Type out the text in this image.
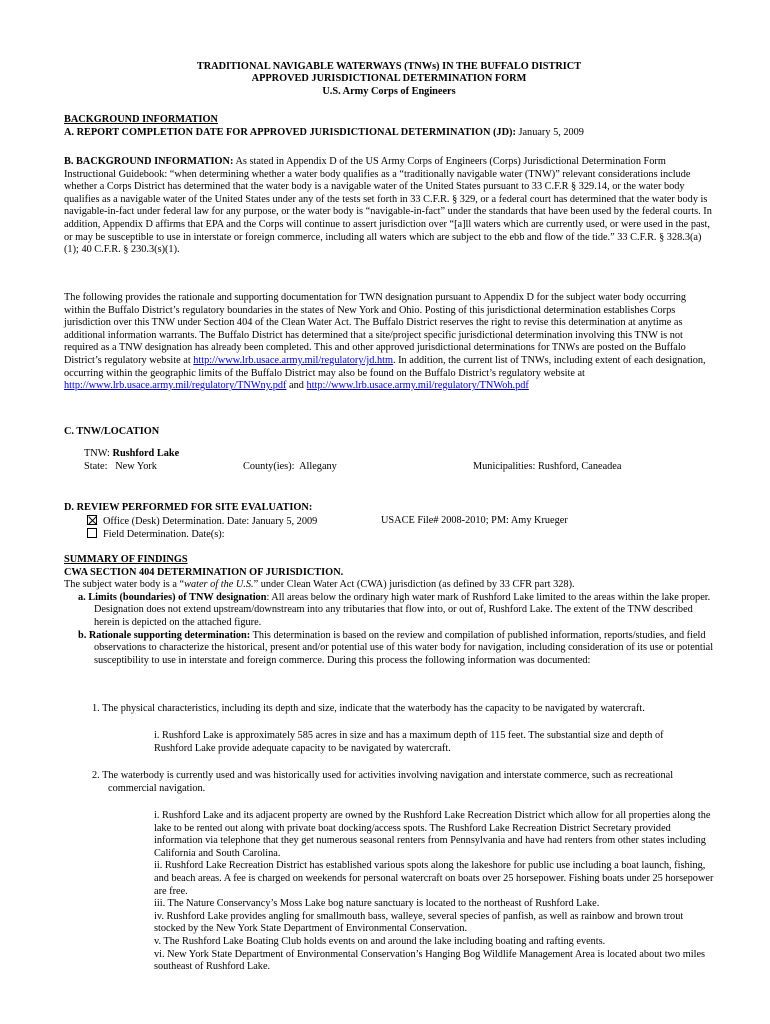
TRADITIONAL NAVIGABLE WATERWAYS (TNWs) IN THE BUFFALO DISTRICT
APPROVED JURISDICTIONAL DETERMINATION FORM
U.S. Army Corps of Engineers
BACKGROUND INFORMATION
A. REPORT COMPLETION DATE FOR APPROVED JURISDICTIONAL DETERMINATION (JD): January 5, 2009

B. BACKGROUND INFORMATION: As stated in Appendix D of the US Army Corps of Engineers (Corps) Jurisdictional Determination Form Instructional Guidebook: “when determining whether a water body qualifies as a “traditionally navigable water (TNW)” relevant considerations include whether a Corps District has determined that the water body is a navigable water of the United States pursuant to 33 C.F.R § 329.14, or the water body qualifies as a navigable water of the United States under any of the tests set forth in 33 C.F.R. § 329, or a federal court has determined that the water body is navigable-in-fact under federal law for any purpose, or the water body is “navigable-in-fact” under the standards that have been used by the federal courts. In addition, Appendix D affirms that EPA and the Corps will continue to assert jurisdiction over “[a]ll waters which are currently used, or were used in the past, or may be susceptible to use in interstate or foreign commerce, including all waters which are subject to the ebb and flow of the tide.” 33 C.F.R. § 328.3(a)(1); 40 C.F.R. § 230.3(s)(1).

The following provides the rationale and supporting documentation for TWN designation pursuant to Appendix D for the subject water body occurring within the Buffalo District’s regulatory boundaries in the states of New York and Ohio. Posting of this jurisdictional determination establishes Corps jurisdiction over this TNW under Section 404 of the Clean Water Act. The Buffalo District reserves the right to revise this determination at anytime as additional information warrants. The Buffalo District has determined that a site/project specific jurisdictional determination involving this TNW is not required as a TNW designation has already been completed. This and other approved jurisdictional determinations for TNWs are posted on the Buffalo District’s regulatory website at http://www.lrb.usace.army.mil/regulatory/jd.htm. In addition, the current list of TNWs, including extent of each designation, occurring within the geographic limits of the Buffalo District may also be found on the Buffalo District’s regulatory website at http://www.lrb.usace.army.mil/regulatory/TNWny.pdf and http://www.lrb.usace.army.mil/regulatory/TNWoh.pdf

C. TNW/LOCATION
TNW: Rushford Lake
State: New York	County(ies): Allegany	Municipalities: Rushford, Caneadea
D. REVIEW PERFORMED FOR SITE EVALUATION:
Office (Desk) Determination. Date: January 5, 2009	USACE File# 2008-2010; PM: Amy Krueger
Field Determination. Date(s):
SUMMARY OF FINDINGS
CWA SECTION 404 DETERMINATION OF JURISDICTION.
The subject water body is a “water of the U.S.” under Clean Water Act (CWA) jurisdiction (as defined by 33 CFR part 328).

a. Limits (boundaries) of TNW designation: All areas below the ordinary high water mark of Rushford Lake limited to the areas within the lake proper. Designation does not extend upstream/downstream into any tributaries that flow into, or out of, Rushford Lake. The extent of the TNW described herein is depicted on the attached figure.

b. Rationale supporting determination: This determination is based on the review and compilation of published information, reports/studies, and field observations to characterize the historical, present and/or potential use of this water body for navigation, including consideration of its use or potential susceptibility to use in interstate and foreign commerce. During this process the following information was documented:

1. The physical characteristics, including its depth and size, indicate that the waterbody has the capacity to be navigated by watercraft.
i. Rushford Lake is approximately 585 acres in size and has a maximum depth of 115 feet. The substantial size and depth of Rushford Lake provide adequate capacity to be navigated by watercraft.
2. The waterbody is currently used and was historically used for activities involving navigation and interstate commerce, such as recreational commercial navigation.

i. Rushford Lake and its adjacent property are owned by the Rushford Lake Recreation District which allow for all properties along the lake to be rented out along with private boat docking/access spots. The Rushford Lake Recreation District Secretary provided information via telephone that they get numerous seasonal renters from Pennsylvania and have had renters from other states including California and South Carolina.

ii. Rushford Lake Recreation District has established various spots along the lakeshore for public use including a boat launch, fishing, and beach areas. A fee is charged on weekends for personal watercraft on boats over 25 horsepower. Fishing boats under 25 horsepower are free.

iii. The Nature Conservancy’s Moss Lake bog nature sanctuary is located to the northeast of Rushford Lake.

iv. Rushford Lake provides angling for smallmouth bass, walleye, several species of panfish, as well as rainbow and brown trout stocked by the New York State Department of Environmental Conservation.

v. The Rushford Lake Boating Club holds events on and around the lake including boating and rafting events.

vi. New York State Department of Environmental Conservation’s Hanging Bog Wildlife Management Area is located about two miles southeast of Rushford Lake.
